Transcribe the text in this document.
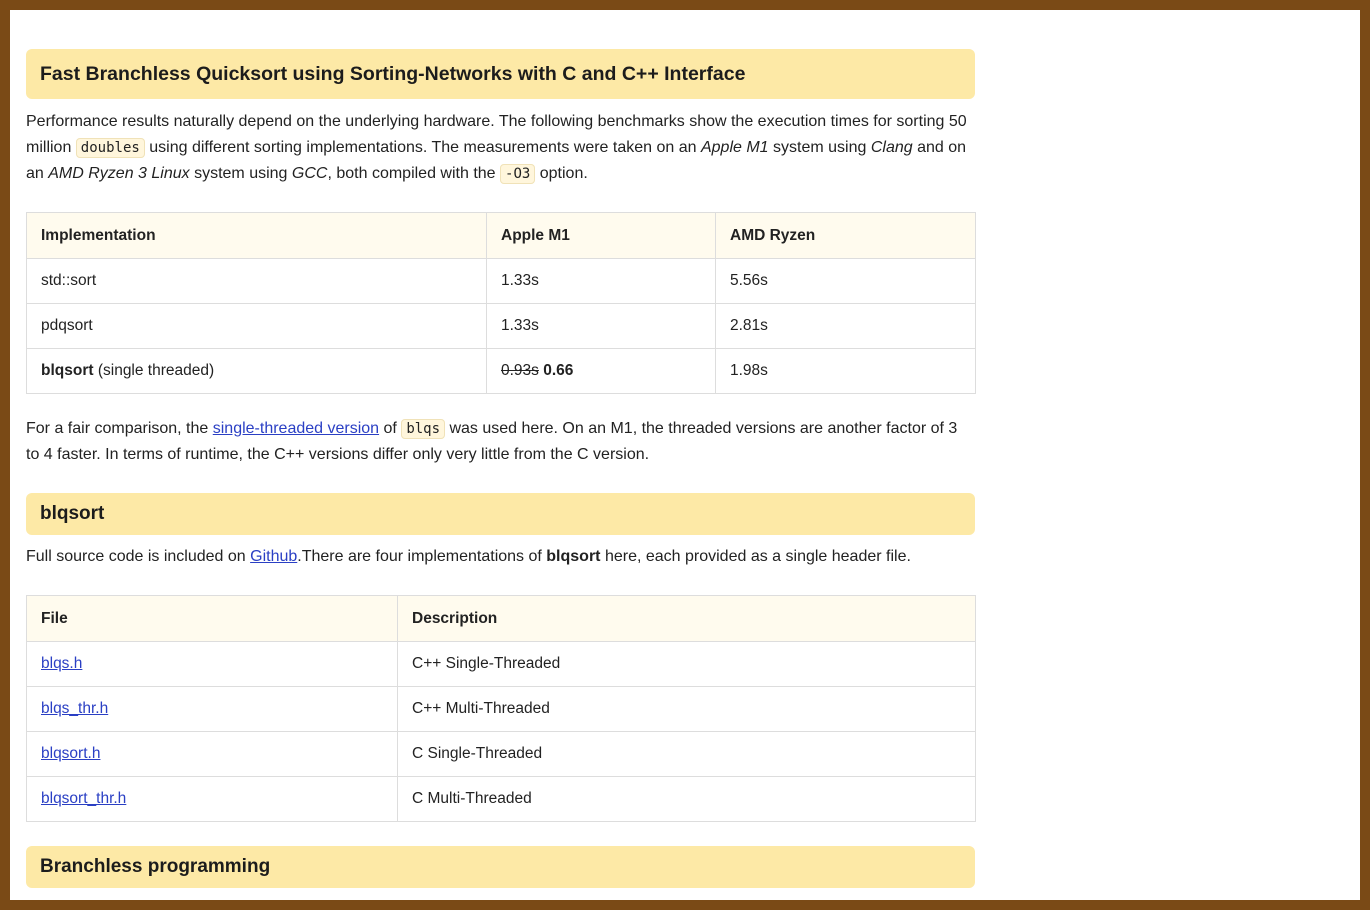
Fast Branchless Quicksort using Sorting-Networks with C and C++ Interface

Performance results naturally depend on the underlying hardware. The following benchmarks show the execution times for sorting 50 million doubles using different sorting implementations. The measurements were taken on an Apple M1 system using Clang and on an AMD Ryzen 3 Linux system using GCC, both compiled with the -O3 option.

Implementation	Apple M1	AMD Ryzen
std::sort	1.33s	5.56s
pdqsort	1.33s	2.81s
blqsort (single threaded)	0.93s 0.66	1.98s

For a fair comparison, the single-threaded version of blqs was used here. On an M1, the threaded versions are another factor of 3 to 4 faster. In terms of runtime, the C++ versions differ only very little from the C version.

blqsort

Full source code is included on Github.There are four implementations of blqsort here, each provided as a single header file.

File	Description
blqs.h	C++ Single-Threaded
blqs_thr.h	C++ Multi-Threaded
blqsort.h	C Single-Threaded
blqsort_thr.h	C Multi-Threaded
Branchless programming
